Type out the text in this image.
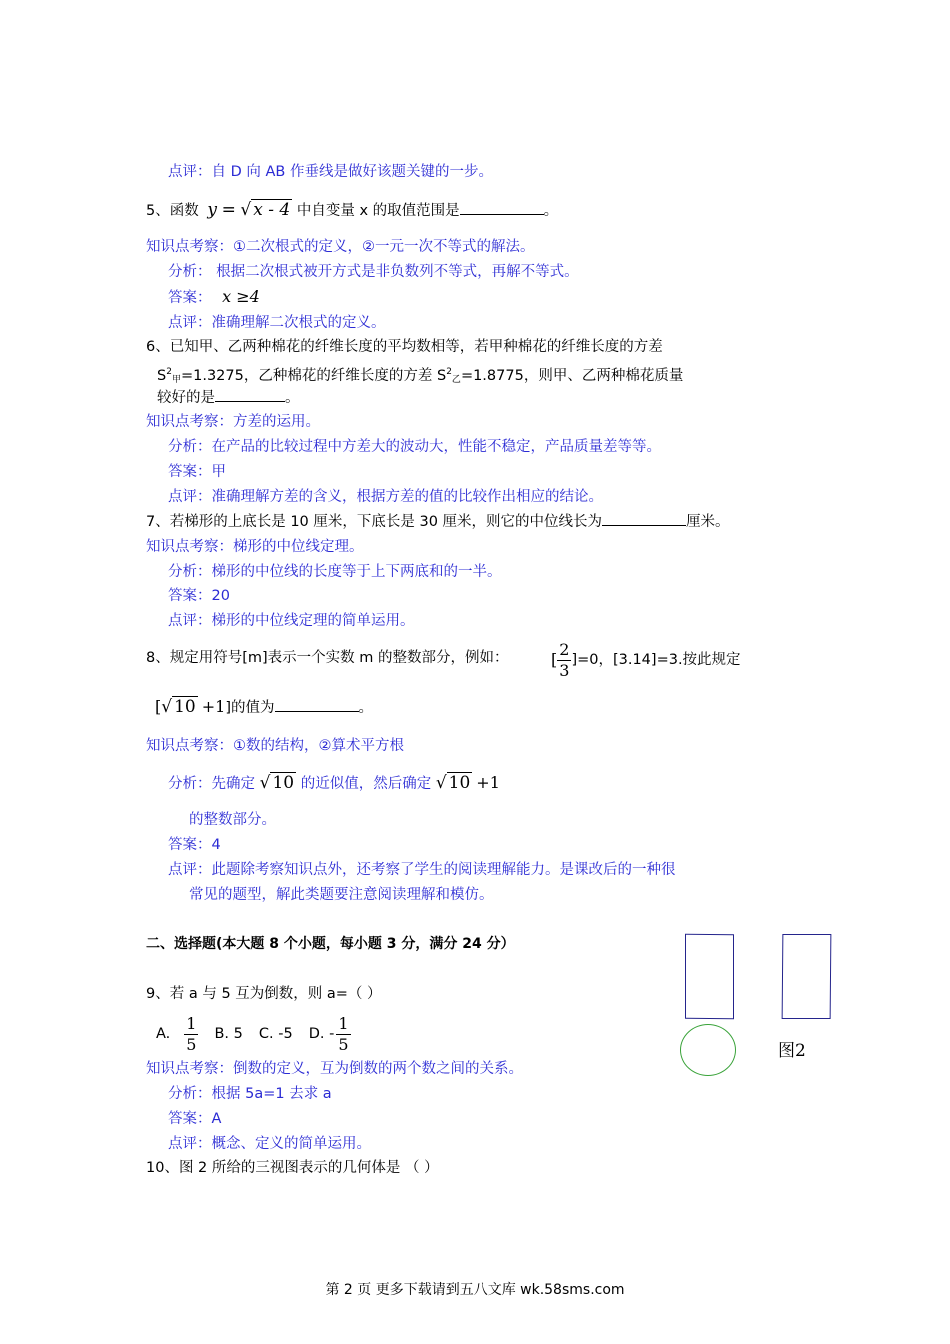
点评：自 D 向 AB 作垂线是做好该题关键的一步。
5、函数 y = √ x - 4 中自变量 x 的取值范围是	。
知识点考察：①二次根式的定义，②一元一次不等式的解法。
分析： 根据二次根式被开方式是非负数列不等式，再解不等式。
答案： x ≥4
点评：准确理解二次根式的定义。
6、已知甲、乙两种棉花的纤维长度的平均数相等，若甲种棉花的纤维长度的方差
$S^2_甲=1.3275$，乙种棉花的纤维长度的方差 $S^2_乙=1.8775$，则甲、乙两种棉花质量
较好的是	。
知识点考察：方差的运用。
分析：在产品的比较过程中方差大的波动大，性能不稳定，产品质量差等等。
答案：甲
点评：准确理解方差的含义，根据方差的值的比较作出相应的结论。
7、若梯形的上底长是 10 厘米，下底长是 30 厘米，则它的中位线长为	厘米。
知识点考察：梯形的中位线定理。
分析：梯形的中位线的长度等于上下两底和的一半。
答案：20
点评：梯形的中位线定理的简单运用。
8、规定用符号[m]表示一个实数 m 的整数部分，例如：	[ $\frac{2}{3} ]=0$，[3.14]=3.按此规定
[√ 10 +1]的值为	。
知识点考察：①数的结构，②算术平方根
分析：先确定 √ 10 的近似值，然后确定 √ 10 +1
的整数部分。
答案：4
点评：此题除考察知识点外，还考察了学生的阅读理解能力。是课改后的一种很
常见的题型，解此类题要注意阅读理解和模仿。
二、选择题(本大题 8 个小题，每小题 3 分，满分 24 分）
9、若 a 与 5 互为倒数，则 a=（ ）
A. $\frac{1}{5} B$. 5 C. -5 D. - $\frac{1}{5}$
知识点考察：倒数的定义，互为倒数的两个数之间的关系。
分析：根据 5a=1 去求 a
答案：A
点评：概念、定义的简单运用。
10、图 2 所给的三视图表示的几何体是 （ ）
图2
第 2 页 更多下载请到五八文库 wk.58sms.com
